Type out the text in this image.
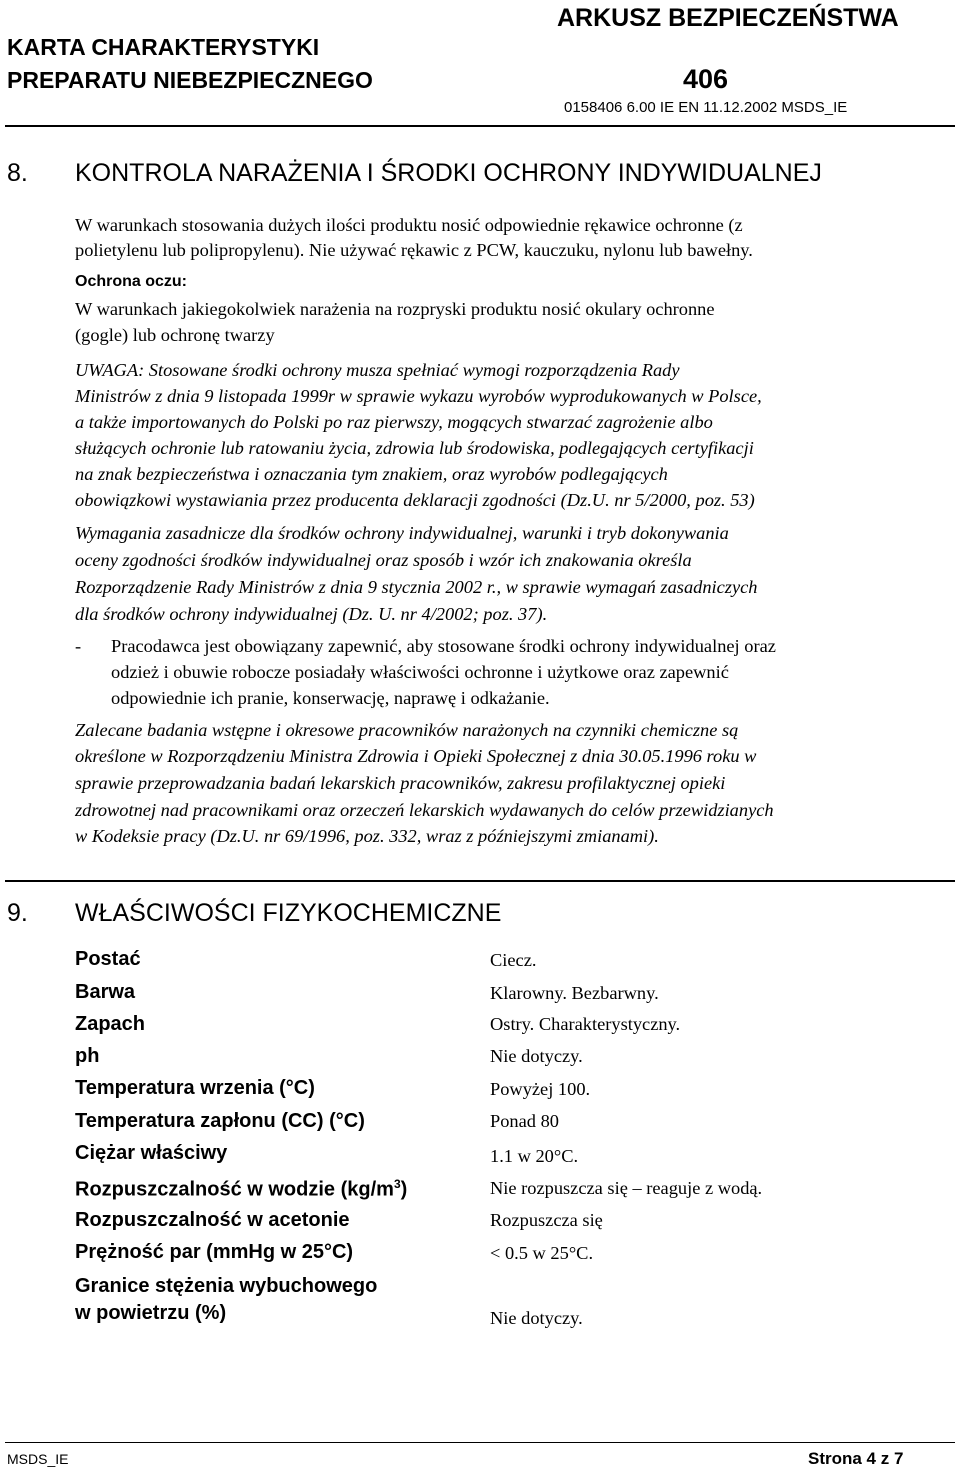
ARKUSZ BEZPIECZEŃSTWA
KARTA CHARAKTERYSTYKI
PREPARATU NIEBEZPIECZNEGO	406
0158406 6.00 IE EN 11.12.2002 MSDS_IE
8. KONTROLA NARAŻENIA I ŚRODKI OCHRONY INDYWIDUALNEJ
W warunkach stosowania dużych ilości produktu nosić odpowiednie rękawice ochronne (z
polietylenu lub polipropylenu). Nie używać rękawic z PCW, kauczuku, nylonu lub bawełny.
Ochrona oczu:
W warunkach jakiegokolwiek narażenia na rozpryski produktu nosić okulary ochronne
(gogle) lub ochronę twarzy
UWAGA: Stosowane środki ochrony musza spełniać wymogi rozporządzenia Rady
Ministrów z dnia 9 listopada 1999r w sprawie wykazu wyrobów wyprodukowanych w Polsce,
a także importowanych do Polski po raz pierwszy, mogących stwarzać zagrożenie albo
służących ochronie lub ratowaniu życia, zdrowia lub środowiska, podlegających certyfikacji
na znak bezpieczeństwa i oznaczania tym znakiem, oraz wyrobów podlegających
obowiązkowi wystawiania przez producenta deklaracji zgodności (Dz.U. nr 5/2000, poz. 53)
Wymagania zasadnicze dla środków ochrony indywidualnej, warunki i tryb dokonywania
oceny zgodności środków indywidualnej oraz sposób i wzór ich znakowania określa
Rozporządzenie Rady Ministrów z dnia 9 stycznia 2002 r., w sprawie wymagań zasadniczych
dla środków ochrony indywidualnej (Dz. U. nr 4/2002; poz. 37).
- Pracodawca jest obowiązany zapewnić, aby stosowane środki ochrony indywidualnej oraz
odzież i obuwie robocze posiadały właściwości ochronne i użytkowe oraz zapewnić
odpowiednie ich pranie, konserwację, naprawę i odkażanie.
Zalecane badania wstępne i okresowe pracowników narażonych na czynniki chemiczne są
określone w Rozporządzeniu Ministra Zdrowia i Opieki Społecznej z dnia 30.05.1996 roku w
sprawie przeprowadzania badań lekarskich pracowników, zakresu profilaktycznej opieki
zdrowotnej nad pracownikami oraz orzeczeń lekarskich wydawanych do celów przewidzianych
w Kodeksie pracy (Dz.U. nr 69/1996, poz. 332, wraz z późniejszymi zmianami).
9. WŁAŚCIWOŚCI FIZYKOCHEMICZNE
Postać	Ciecz.
Barwa	Klarowny. Bezbarwny.
Zapach	Ostry. Charakterystyczny.
ph	Nie dotyczy.
Temperatura wrzenia (°C)	Powyżej 100.
Temperatura zapłonu (CC) (°C)	Ponad 80
Ciężar właściwy	1.1 w 20°C.
Rozpuszczalność w wodzie $(kg/m^3)$	Nie rozpuszcza się – reaguje z wodą.
Rozpuszczalność w acetonie	Rozpuszcza się
Prężność par (mmHg w 25°C)	< 0.5 w 25°C.
Granice stężenia wybuchowego
w powietrzu (%)	Nie dotyczy.
MSDS_IE	Strona 4 z 7
